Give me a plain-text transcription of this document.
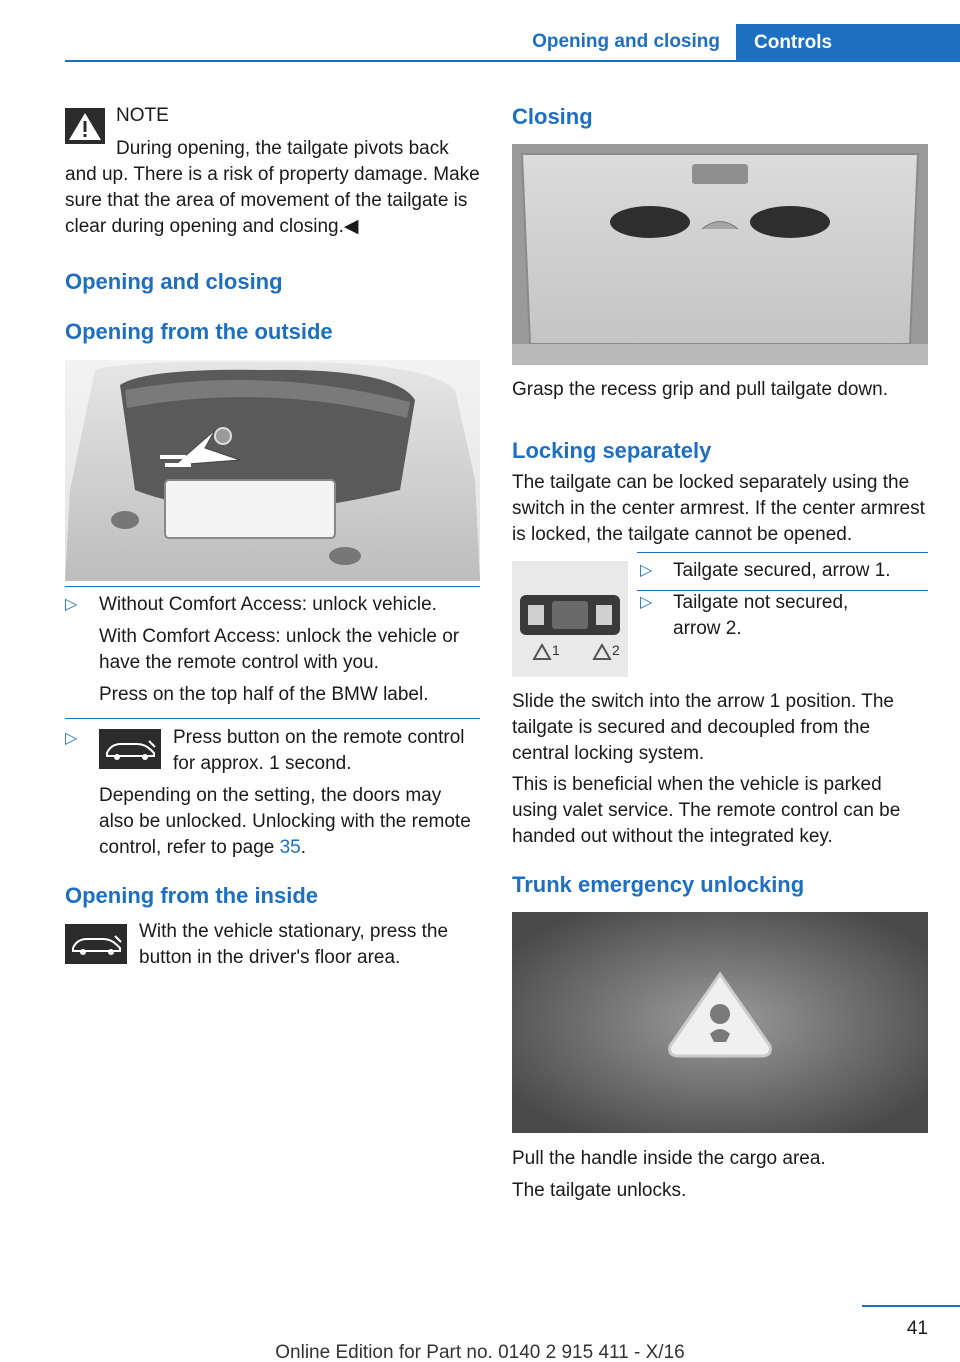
Opening and closing	Controls
NOTE
During opening, the tailgate pivots back and up. There is a risk of property damage. Make sure that the area of movement of the tailgate is clear during opening and closing.◀
Opening and closing
Opening from the outside
▷ Without Comfort Access: unlock vehicle.
With Comfort Access: unlock the vehicle or have the remote control with you.
Press on the top half of the BMW label.
▷	Press button on the remote control for approx. 1 second.
Depending on the setting, the doors may also be unlocked. Unlocking with the remote control, refer to page 35.
Opening from the inside
With the vehicle stationary, press the button in the driver's floor area.
Closing
Grasp the recess grip and pull tailgate down.
Locking separately
The tailgate can be locked separately using the switch in the center armrest. If the center armrest is locked, the tailgate cannot be opened.
1	2
▷ Tailgate secured, arrow 1.
▷ Tailgate not secured, arrow 2.
Slide the switch into the arrow 1 position. The tailgate is secured and decoupled from the central locking system.
This is beneficial when the vehicle is parked using valet service. The remote control can be handed out without the integrated key.
Trunk emergency unlocking
Pull the handle inside the cargo area.
The tailgate unlocks.
41
Online Edition for Part no. 0140 2 915 411 - X/16
